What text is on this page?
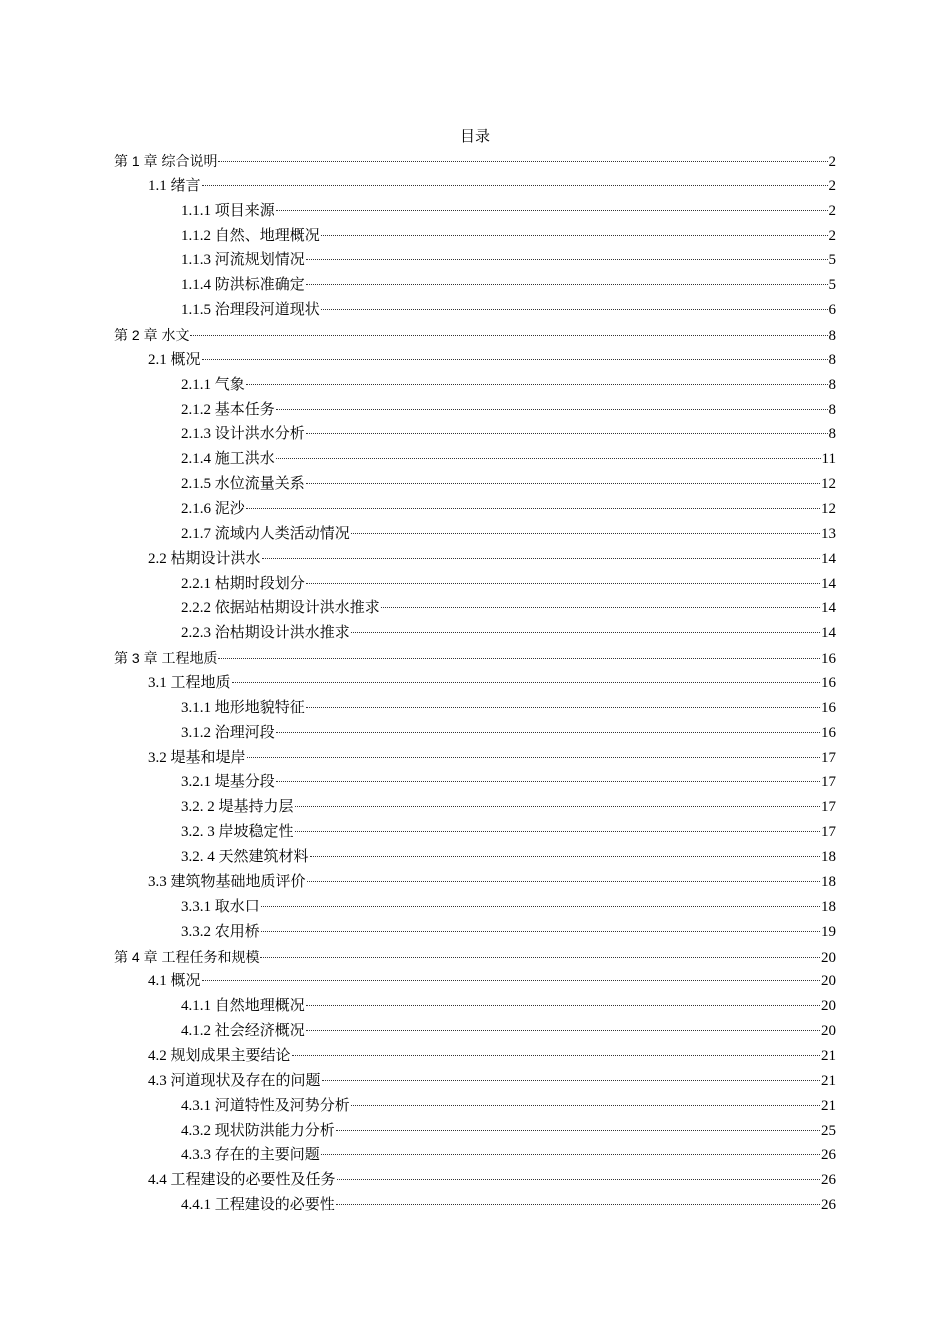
目录
第 1 章 综合说明	2
1.1 绪言	2
1.1.1 项目来源	2
1.1.2 自然、地理概况	2
1.1.3 河流规划情况	5
1.1.4 防洪标准确定	5
1.1.5 治理段河道现状	6
第 2 章 水文	8
2.1 概况	8
2.1.1 气象	8
2.1.2 基本任务	8
2.1.3 设计洪水分析	8
2.1.4 施工洪水	11
2.1.5 水位流量关系	12
2.1.6 泥沙	12
2.1.7 流域内人类活动情况	13
2.2 枯期设计洪水	14
2.2.1 枯期时段划分	14
2.2.2 依据站枯期设计洪水推求	14
2.2.3 治枯期设计洪水推求	14
第 3 章 工程地质	16
3.1 工程地质	16
3.1.1 地形地貌特征	16
3.1.2 治理河段	16
3.2 堤基和堤岸	17
3.2.1 堤基分段	17
3.2. 2 堤基持力层	17
3.2. 3 岸坡稳定性	17
3.2. 4 天然建筑材料	18
3.3 建筑物基础地质评价	18
3.3.1 取水口	18
3.3.2 农用桥	19
第 4 章 工程任务和规模	20
4.1 概况	20
4.1.1 自然地理概况	20
4.1.2 社会经济概况	20
4.2 规划成果主要结论	21
4.3 河道现状及存在的问题	21
4.3.1 河道特性及河势分析	21
4.3.2 现状防洪能力分析	25
4.3.3 存在的主要问题	26
4.4 工程建设的必要性及任务	26
4.4.1 工程建设的必要性	26
